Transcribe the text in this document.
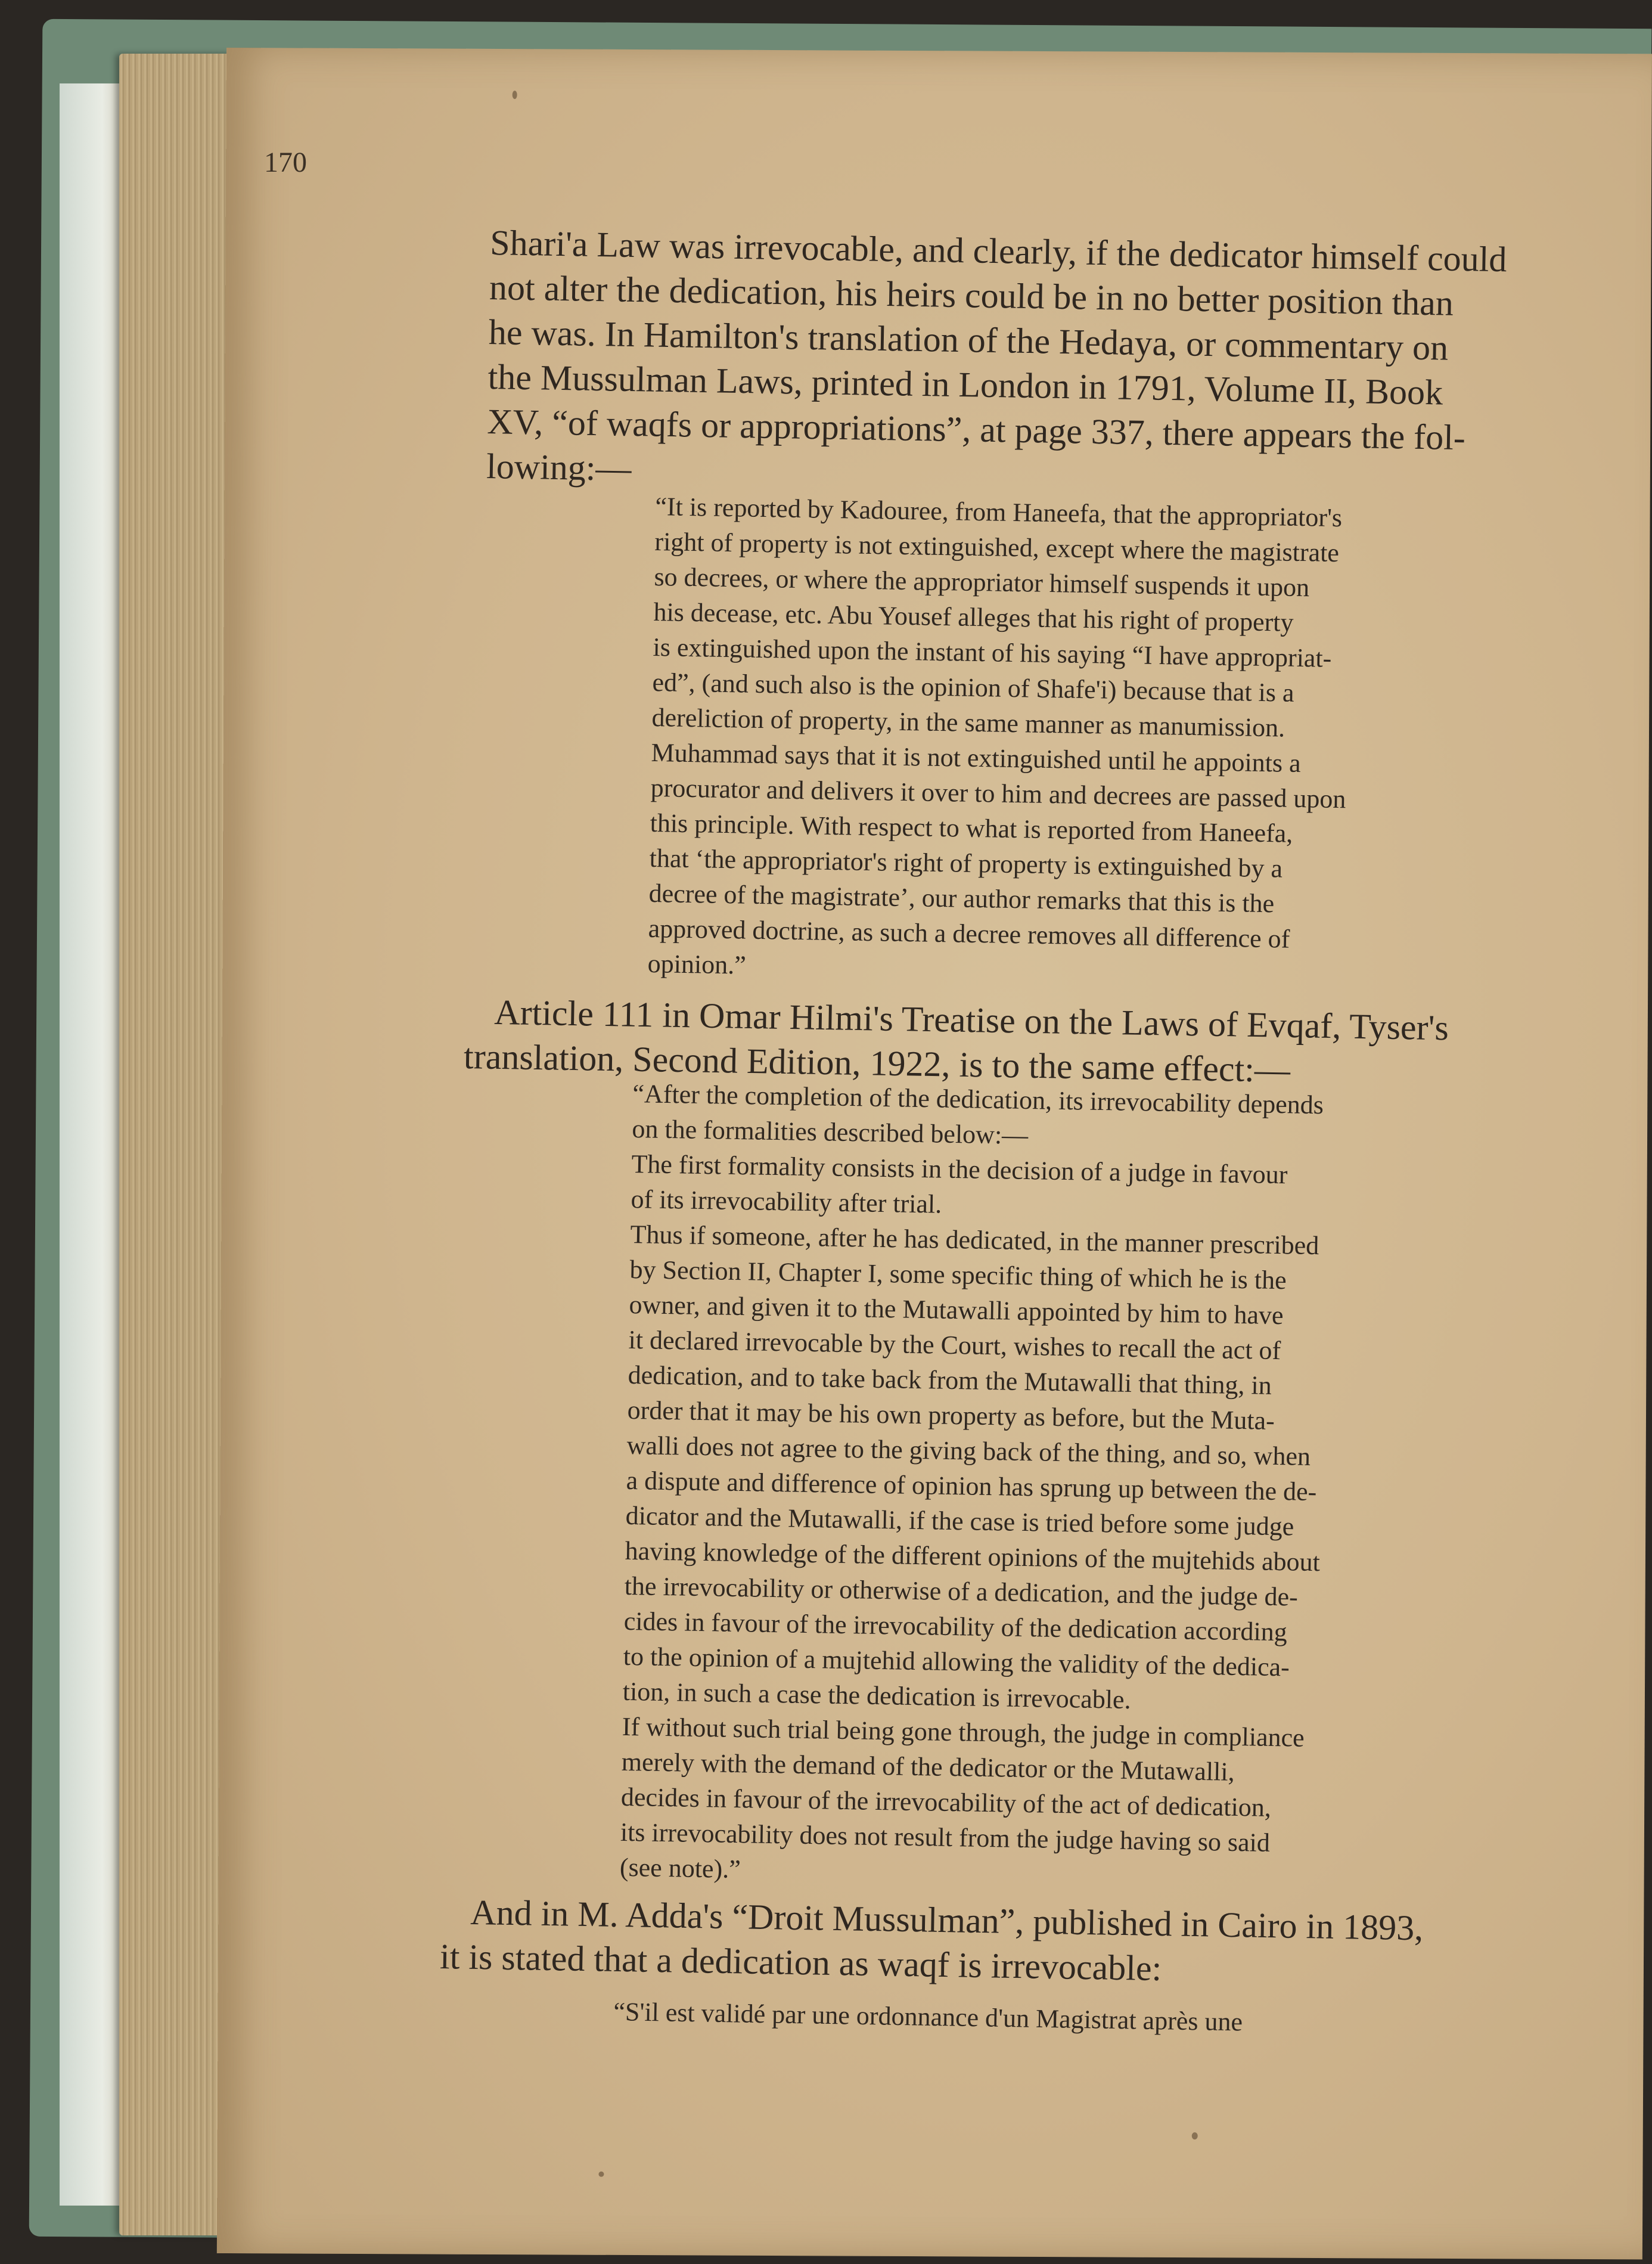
170
Shari'a Law was irrevocable, and clearly, if the dedicator himself could
not alter the dedication, his heirs could be in no better position than
he was. In Hamilton's translation of the Hedaya, or commentary on
the Mussulman Laws, printed in London in 1791, Volume II, Book
XV, “of waqfs or appropriations”, at page 337, there appears the fol-
lowing:—
“It is reported by Kadouree, from Haneefa, that the appropriator's
right of property is not extinguished, except where the magistrate
so decrees, or where the appropriator himself suspends it upon
his decease, etc. Abu Yousef alleges that his right of property
is extinguished upon the instant of his saying “I have appropriat-
ed”, (and such also is the opinion of Shafe'i) because that is a
dereliction of property, in the same manner as manumission.
Muhammad says that it is not extinguished until he appoints a
procurator and delivers it over to him and decrees are passed upon
this principle. With respect to what is reported from Haneefa,
that ‘the appropriator's right of property is extinguished by a
decree of the magistrate’, our author remarks that this is the
approved doctrine, as such a decree removes all difference of
opinion.”
Article 111 in Omar Hilmi's Treatise on the Laws of Evqaf, Tyser's
translation, Second Edition, 1922, is to the same effect:—
“After the completion of the dedication, its irrevocability depends
on the formalities described below:—
The first formality consists in the decision of a judge in favour
of its irrevocability after trial.
Thus if someone, after he has dedicated, in the manner prescribed
by Section II, Chapter I, some specific thing of which he is the
owner, and given it to the Mutawalli appointed by him to have
it declared irrevocable by the Court, wishes to recall the act of
dedication, and to take back from the Mutawalli that thing, in
order that it may be his own property as before, but the Muta-
walli does not agree to the giving back of the thing, and so, when
a dispute and difference of opinion has sprung up between the de-
dicator and the Mutawalli, if the case is tried before some judge
having knowledge of the different opinions of the mujtehids about
the irrevocability or otherwise of a dedication, and the judge de-
cides in favour of the irrevocability of the dedication according
to the opinion of a mujtehid allowing the validity of the dedica-
tion, in such a case the dedication is irrevocable.
If without such trial being gone through, the judge in compliance
merely with the demand of the dedicator or the Mutawalli,
decides in favour of the irrevocability of the act of dedication,
its irrevocability does not result from the judge having so said
(see note).”
And in M. Adda's “Droit Mussulman”, published in Cairo in 1893,
it is stated that a dedication as waqf is irrevocable:
“S'il est validé par une ordonnance d'un Magistrat après une
